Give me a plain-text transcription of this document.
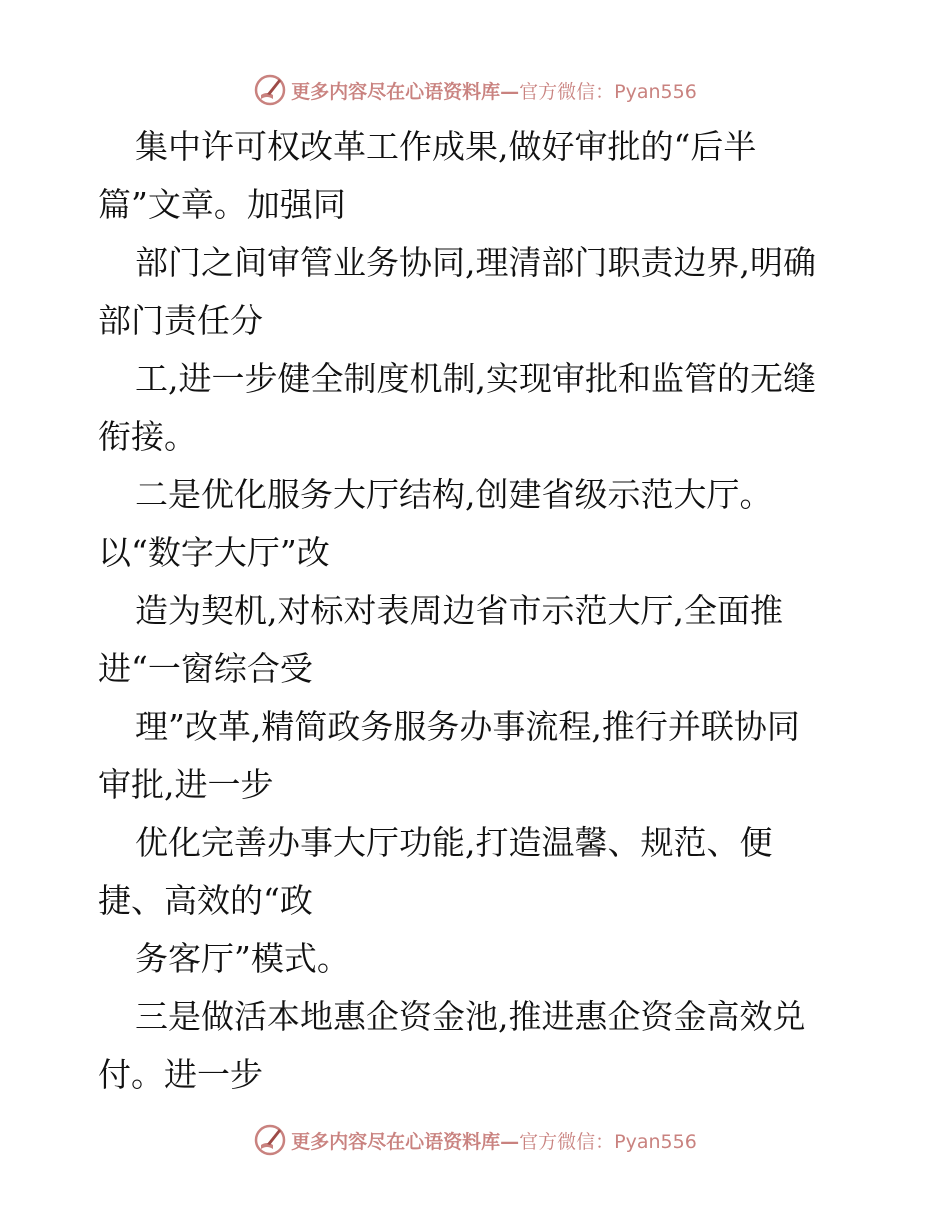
更多内容尽在心语资料库— 官方微信：Pyan556
集中许可权改革工作成果,做好审批的“后半
篇”文章。加强同
部门之间审管业务协同,理清部门职责边界,明确
部门责任分
工,进一步健全制度机制,实现审批和监管的无缝
衔接。
二是优化服务大厅结构,创建省级示范大厅。
以“数字大厅”改
造为契机,对标对表周边省市示范大厅,全面推
进“一窗综合受
理”改革,精简政务服务办事流程,推行并联协同
审批,进一步
优化完善办事大厅功能,打造温馨、规范、便
捷、高效的“政
务客厅”模式。
三是做活本地惠企资金池,推进惠企资金高效兑
付。进一步
更多内容尽在心语资料库— 官方微信：Pyan556
